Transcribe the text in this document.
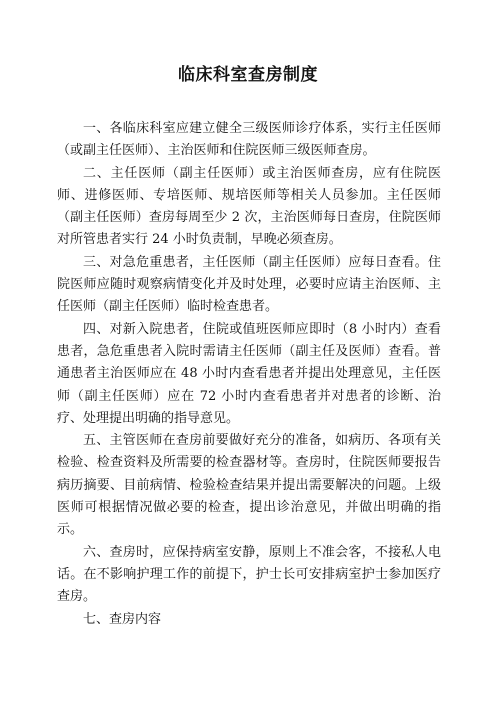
临床科室查房制度

一、各临床科室应建立健全三级医师诊疗体系，实行主任医师（或副主任医师）、主治医师和住院医师三级医师查房。

二、主任医师（副主任医师）或主治医师查房，应有住院医师、进修医师、专培医师、规培医师等相关人员参加。主任医师（副主任医师）查房每周至少 2 次，主治医师每日查房，住院医师对所管患者实行 24 小时负责制，早晚必须查房。

三、对急危重患者，主任医师（副主任医师）应每日查看。住院医师应随时观察病情变化并及时处理，必要时应请主治医师、主任医师（副主任医师）临时检查患者。

四、对新入院患者，住院或值班医师应即时（8 小时内）查看患者，急危重患者入院时需请主任医师（副主任及医师）查看。普通患者主治医师应在 48 小时内查看患者并提出处理意见，主任医师（副主任医师）应在 72 小时内查看患者并对患者的诊断、治疗、处理提出明确的指导意见。

五、主管医师在查房前要做好充分的准备，如病历、各项有关检验、检查资料及所需要的检查器材等。查房时，住院医师要报告病历摘要、目前病情、检验检查结果并提出需要解决的问题。上级医师可根据情况做必要的检查，提出诊治意见，并做出明确的指示。

六、查房时，应保持病室安静，原则上不准会客，不接私人电话。在不影响护理工作的前提下，护士长可安排病室护士参加医疗查房。

七、查房内容
